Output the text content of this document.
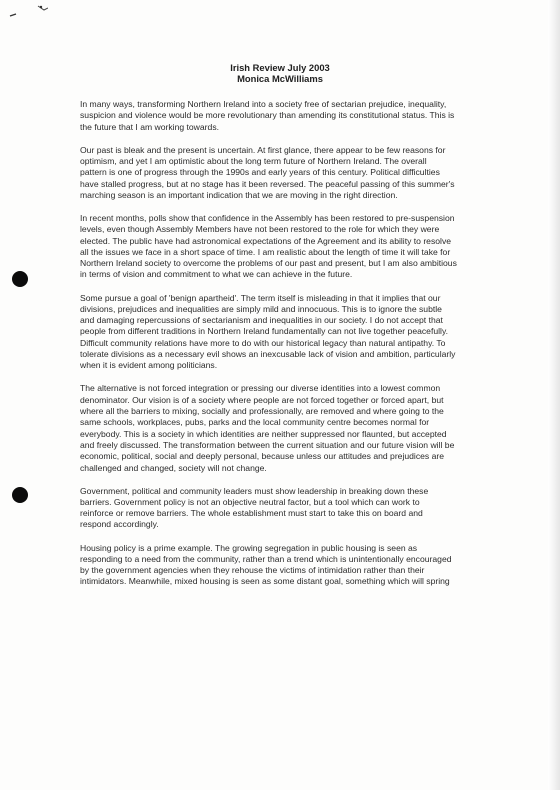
Irish Review July 2003
Monica McWilliams
In many ways, transforming Northern Ireland into a society free of sectarian prejudice, inequality,
suspicion and violence would be more revolutionary than amending its constitutional status. This is
the future that I am working towards.
Our past is bleak and the present is uncertain. At first glance, there appear to be few reasons for
optimism, and yet I am optimistic about the long term future of Northern Ireland. The overall
pattern is one of progress through the 1990s and early years of this century. Political difficulties
have stalled progress, but at no stage has it been reversed. The peaceful passing of this summer's
marching season is an important indication that we are moving in the right direction.
In recent months, polls show that confidence in the Assembly has been restored to pre-suspension
levels, even though Assembly Members have not been restored to the role for which they were
elected. The public have had astronomical expectations of the Agreement and its ability to resolve
all the issues we face in a short space of time. I am realistic about the length of time it will take for
Northern Ireland society to overcome the problems of our past and present, but I am also ambitious
in terms of vision and commitment to what we can achieve in the future.
Some pursue a goal of 'benign apartheid'. The term itself is misleading in that it implies that our
divisions, prejudices and inequalities are simply mild and innocuous. This is to ignore the subtle
and damaging repercussions of sectarianism and inequalities in our society. I do not accept that
people from different traditions in Northern Ireland fundamentally can not live together peacefully.
Difficult community relations have more to do with our historical legacy than natural antipathy. To
tolerate divisions as a necessary evil shows an inexcusable lack of vision and ambition, particularly
when it is evident among politicians.
The alternative is not forced integration or pressing our diverse identities into a lowest common
denominator. Our vision is of a society where people are not forced together or forced apart, but
where all the barriers to mixing, socially and professionally, are removed and where going to the
same schools, workplaces, pubs, parks and the local community centre becomes normal for
everybody. This is a society in which identities are neither suppressed nor flaunted, but accepted
and freely discussed. The transformation between the current situation and our future vision will be
economic, political, social and deeply personal, because unless our attitudes and prejudices are
challenged and changed, society will not change.
Government, political and community leaders must show leadership in breaking down these
barriers. Government policy is not an objective neutral factor, but a tool which can work to
reinforce or remove barriers. The whole establishment must start to take this on board and
respond accordingly.
Housing policy is a prime example. The growing segregation in public housing is seen as
responding to a need from the community, rather than a trend which is unintentionally encouraged
by the government agencies when they rehouse the victims of intimidation rather than their
intimidators. Meanwhile, mixed housing is seen as some distant goal, something which will spring
